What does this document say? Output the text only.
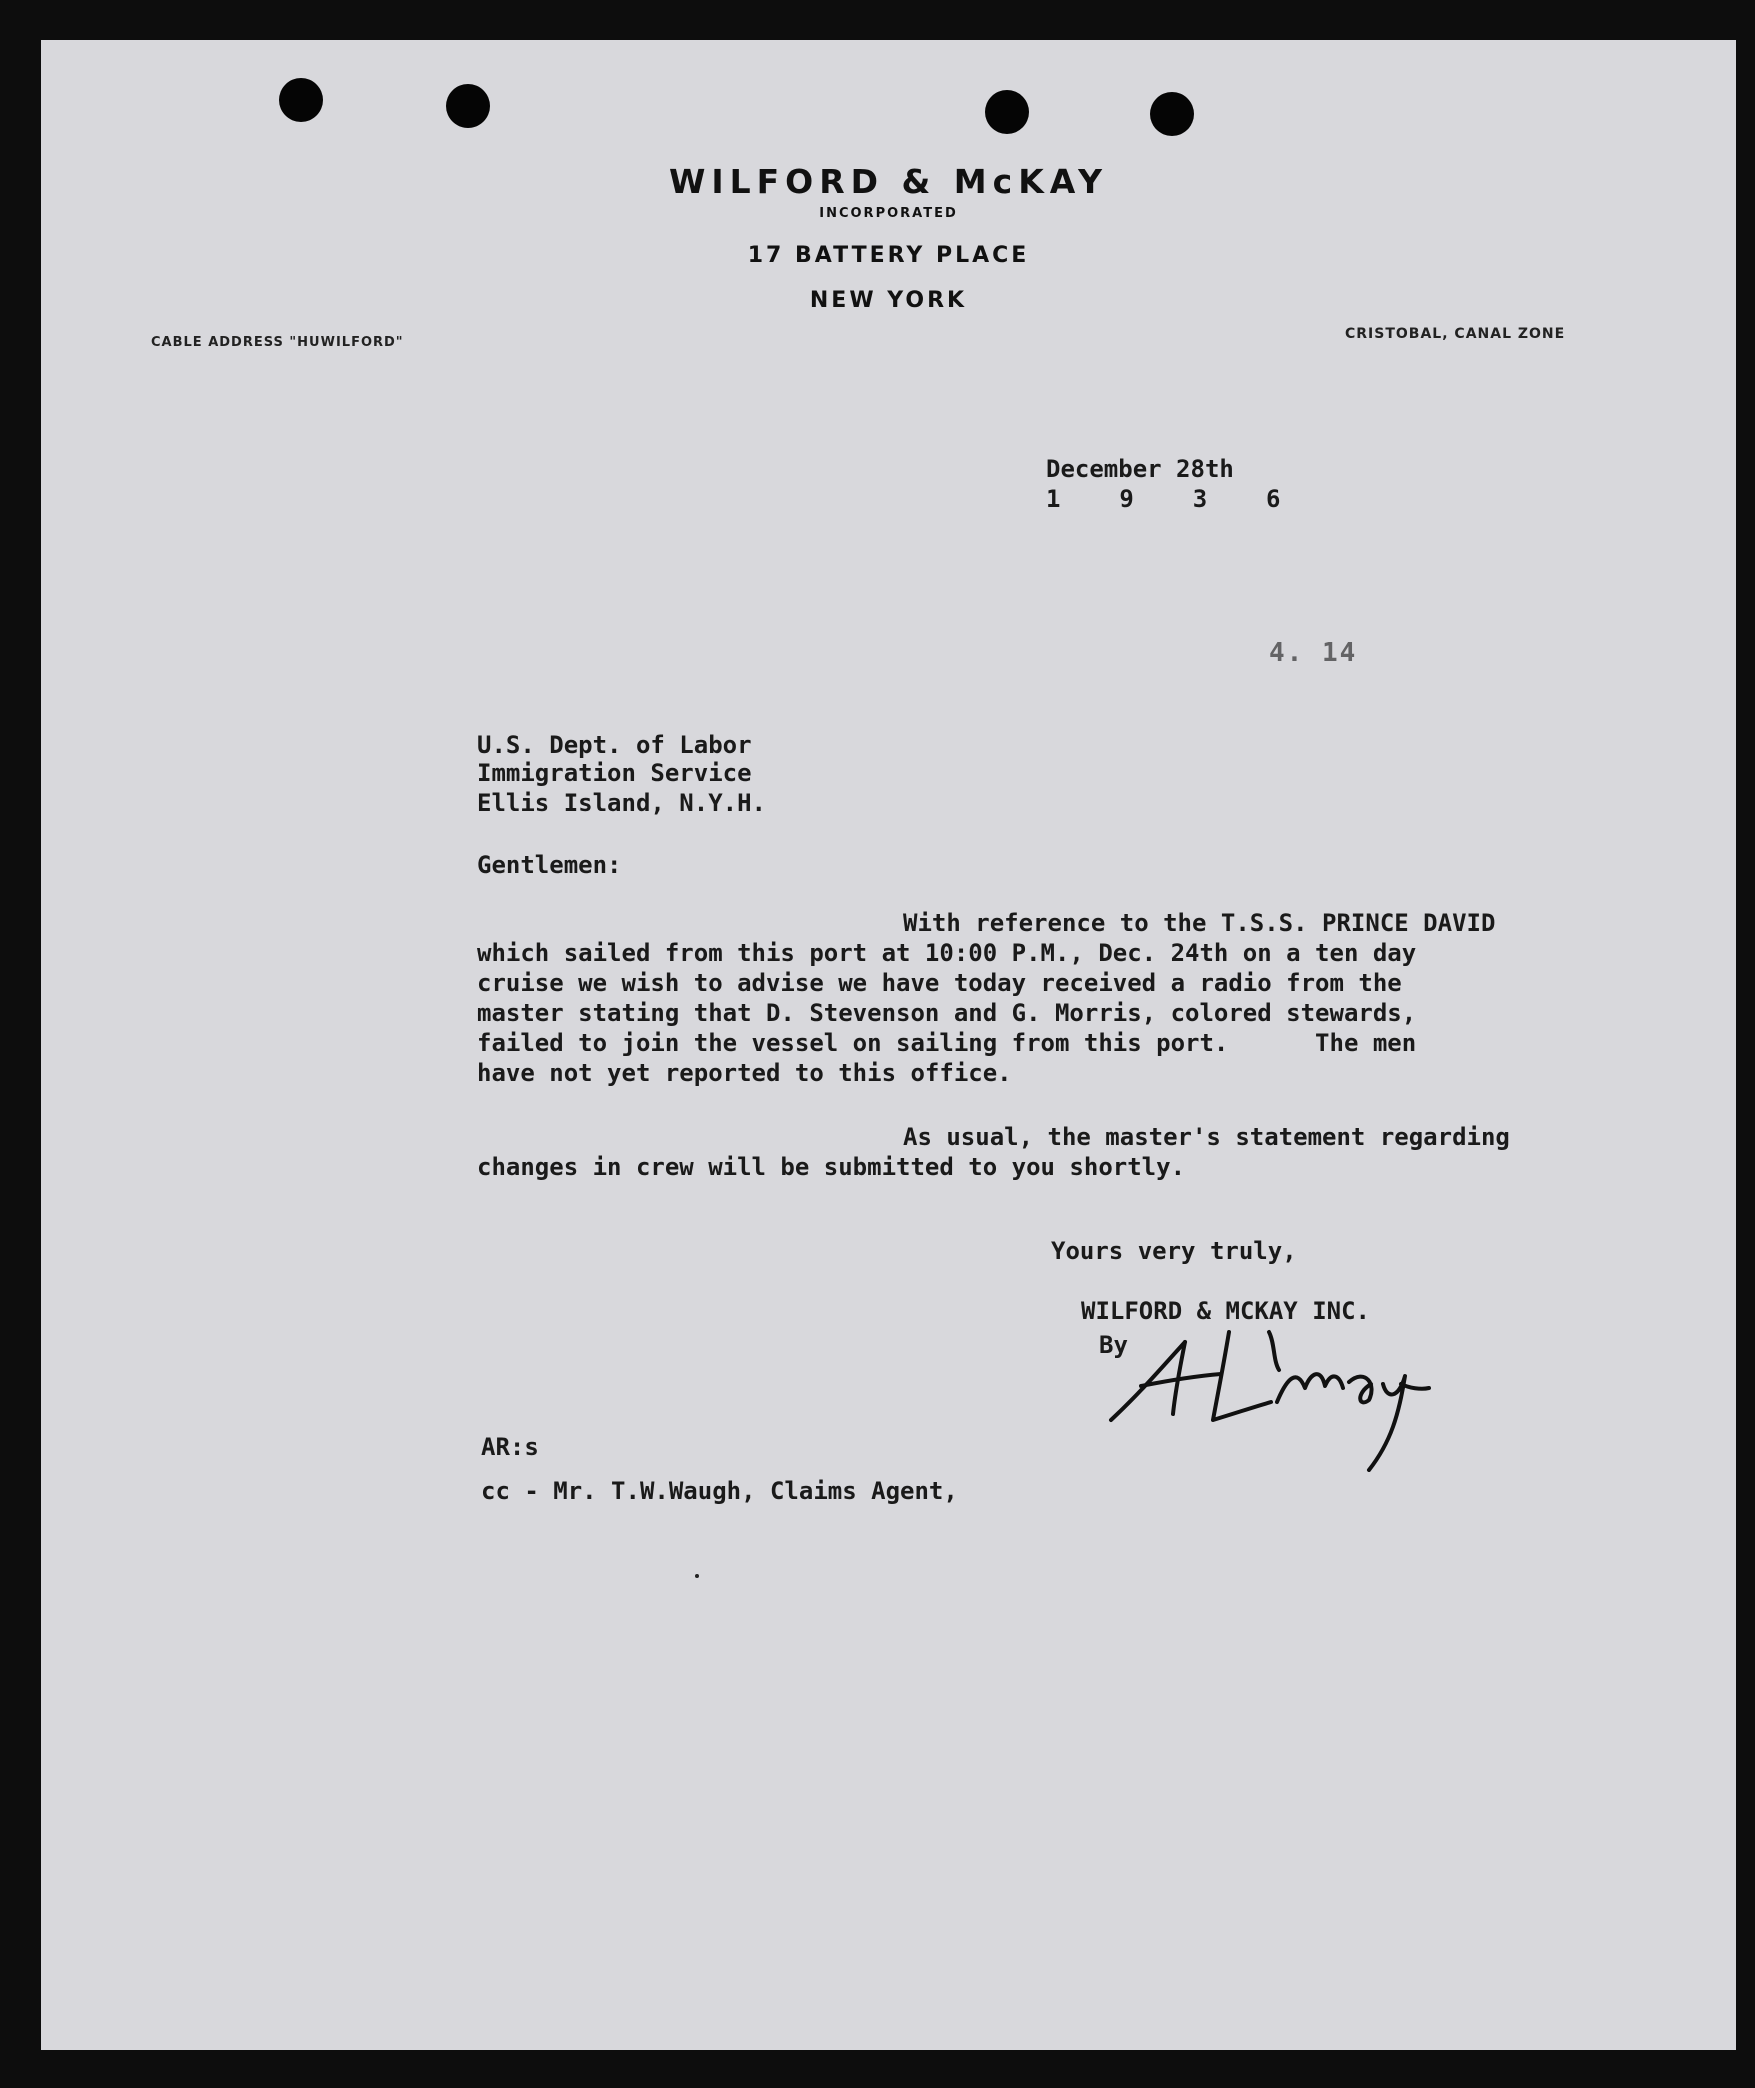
WILFORD & McKAY
INCORPORATED
17 BATTERY PLACE
NEW YORK
CABLE ADDRESS "HUWILFORD"
CRISTOBAL, CANAL ZONE
December 28th
1  9  3  6
4. 14
U.S. Dept. of Labor
Immigration Service
Ellis Island, N.Y.H.
Gentlemen:
With reference to the T.S.S. PRINCE DAVID
which sailed from this port at 10:00 P.M., Dec. 24th on a ten day
cruise we wish to advise we have today received a radio from the
master stating that D. Stevenson and G. Morris, colored stewards,
failed to join the vessel on sailing from this port.      The men
have not yet reported to this office.
As usual, the master's statement regarding
changes in crew will be submitted to you shortly.
Yours very truly,
WILFORD & MCKAY INC.
By
AR:s
cc - Mr. T.W.Waugh, Claims Agent,
